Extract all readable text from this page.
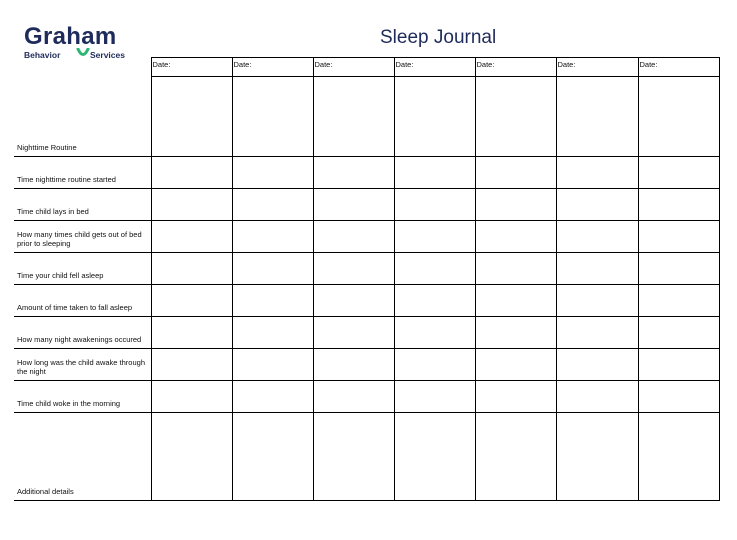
Graham
Behavior	Services
Sleep Journal
	Date:	Date:	Date:	Date:	Date:	Date:	Date:
Nighttime Routine							
Time nighttime routine started							
Time child lays in bed							
How many times child gets out of bed prior to sleeping							
Time your child fell asleep							
Amount of time taken to fall asleep							
How many night awakenings occured							
How long was the child awake through the night							
Time child woke in the morning							
Additional details							
